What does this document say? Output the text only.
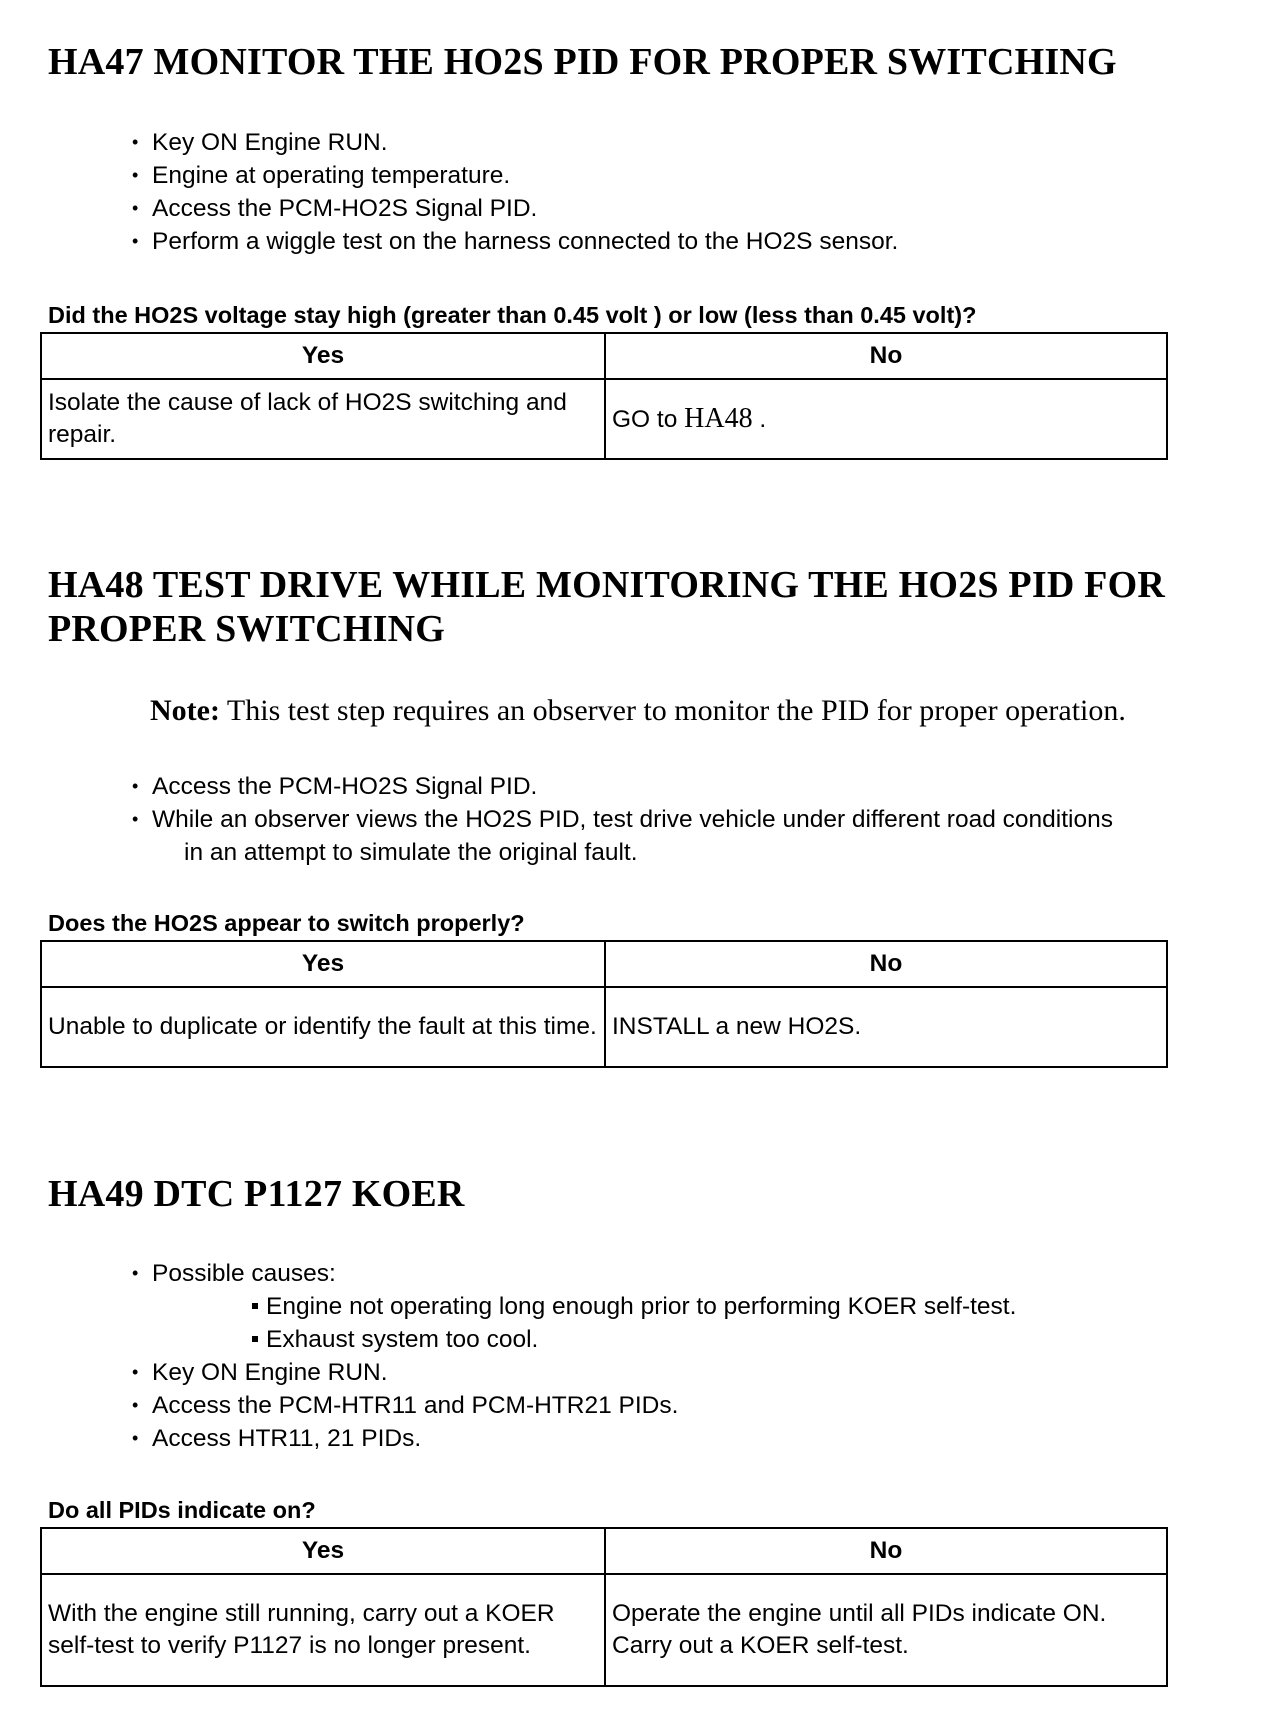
HA47 MONITOR THE HO2S PID FOR PROPER SWITCHING
• Key ON Engine RUN.
• Engine at operating temperature.
• Access the PCM-HO2S Signal PID.
• Perform a wiggle test on the harness connected to the HO2S sensor.

Did the HO2S voltage stay high (greater than 0.45 volt ) or low (less than 0.45 volt)?

Yes	No
Isolate the cause of lack of HO2S switching and repair.	GO to HA48 .
HA48 TEST DRIVE WHILE MONITORING THE HO2S PID FOR
PROPER SWITCHING

Note: This test step requires an observer to monitor the PID for proper operation.

• Access the PCM-HO2S Signal PID.
• While an observer views the HO2S PID, test drive vehicle under different road conditions
in an attempt to simulate the original fault.

Does the HO2S appear to switch properly?

Yes	No
Unable to duplicate or identify the fault at this time.	INSTALL a new HO2S.
HA49 DTC P1127 KOER
• Possible causes:
Engine not operating long enough prior to performing KOER self-test.
Exhaust system too cool.
• Key ON Engine RUN.
• Access the PCM-HTR11 and PCM-HTR21 PIDs.
• Access HTR11, 21 PIDs.

Do all PIDs indicate on?

Yes	No
With the engine still running, carry out a KOER self-test to verify P1127 is no longer present.	Operate the engine until all PIDs indicate ON. Carry out a KOER self-test.
